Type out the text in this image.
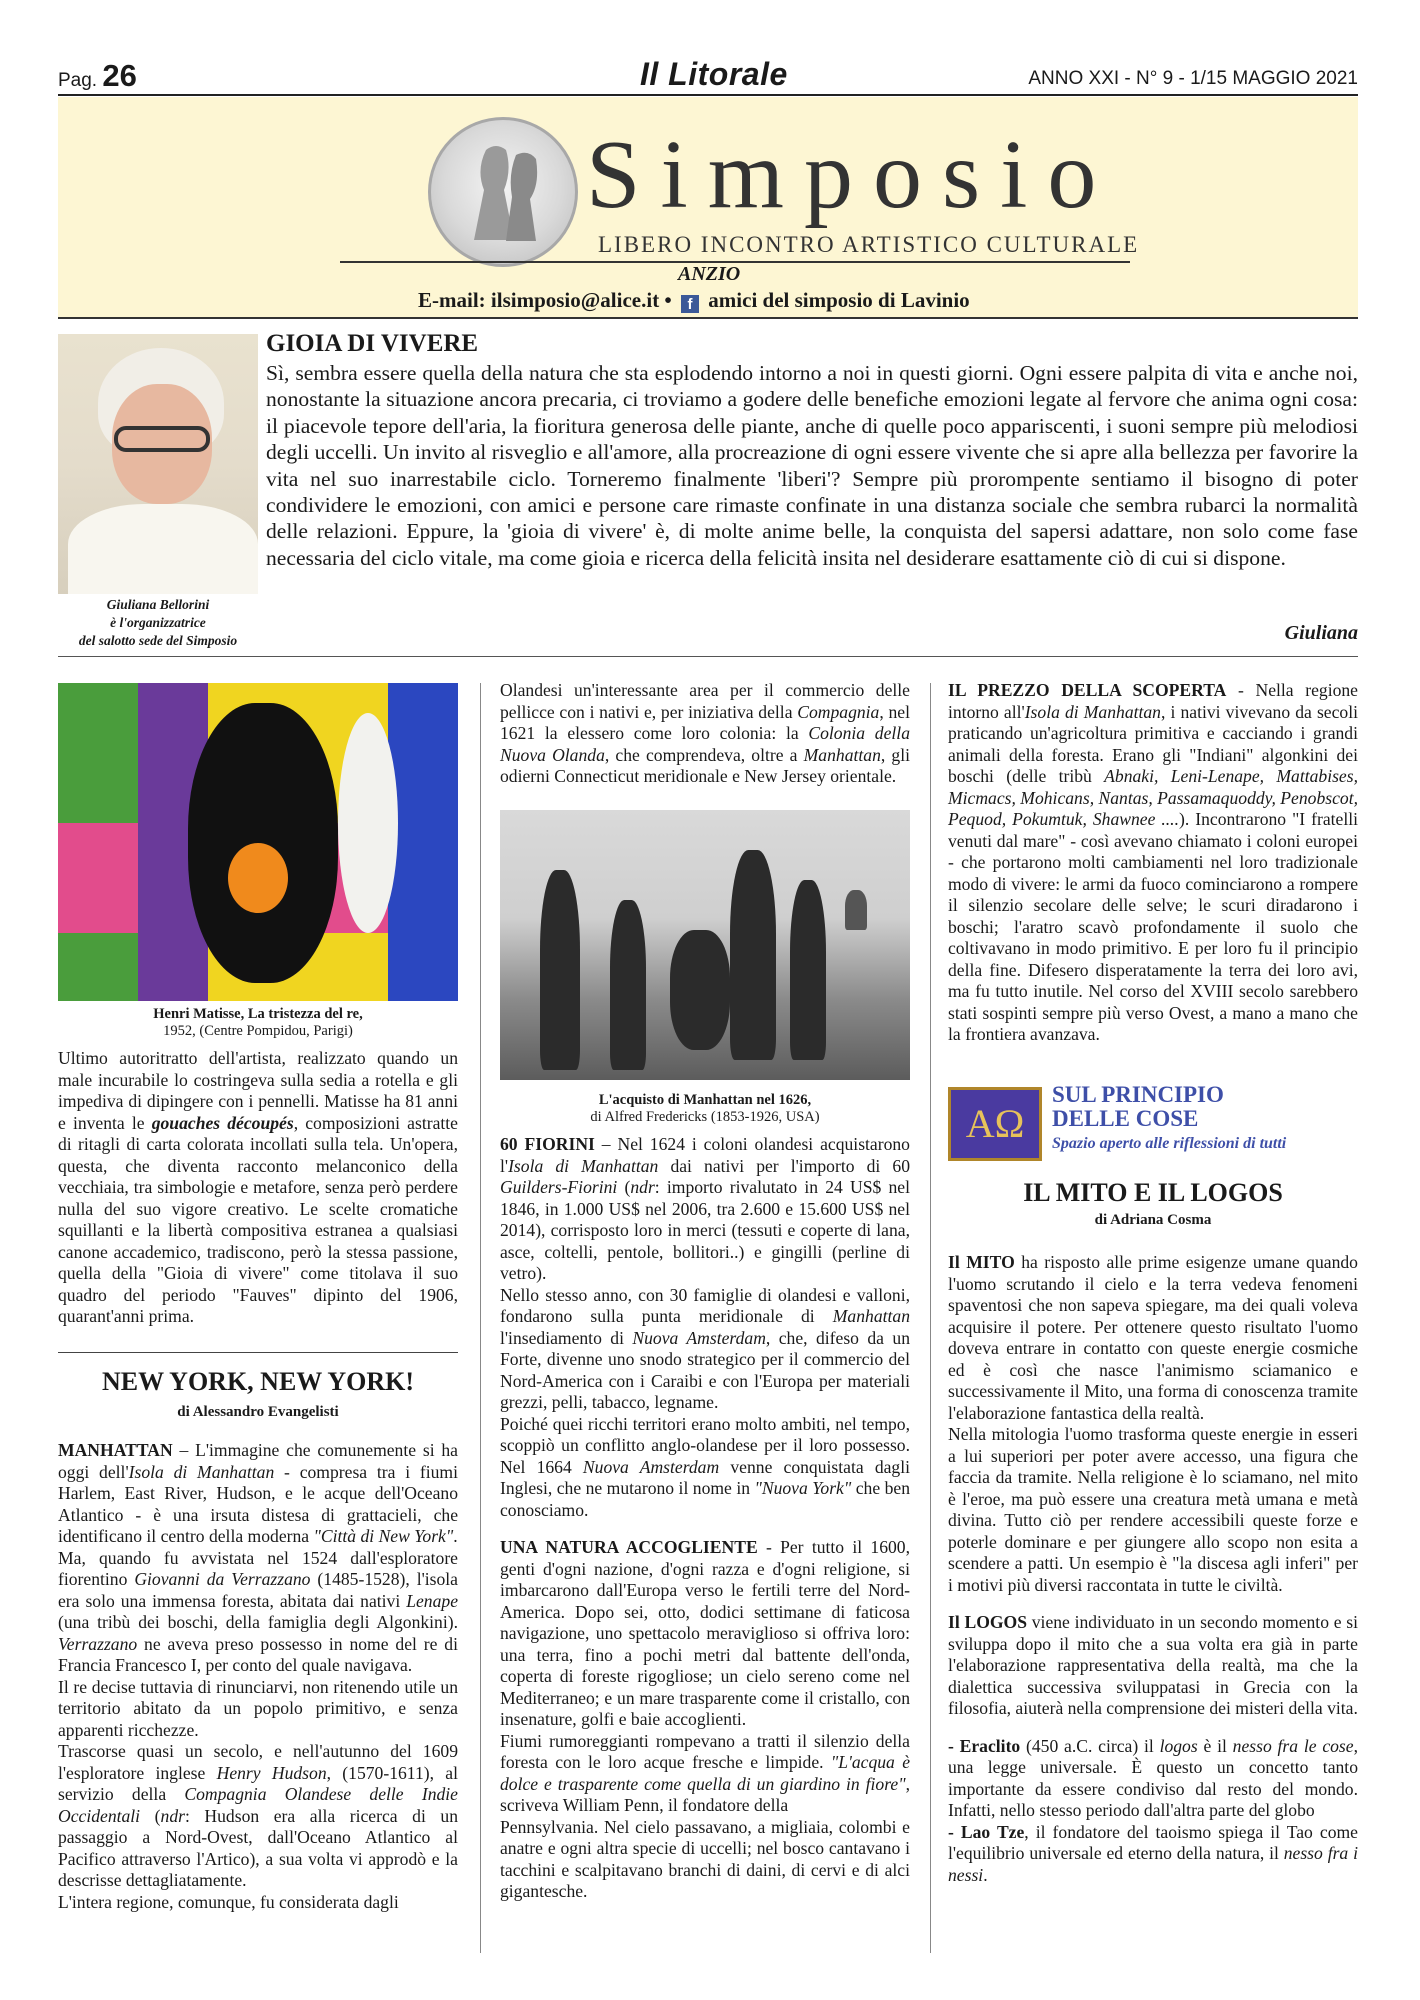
Pag. 26	Il Litorale	ANNO XXI - N° 9 - 1/15 MAGGIO 2021
Simposio
LIBERO INCONTRO ARTISTICO CULTURALE
ANZIO
E-mail: ilsimposio@alice.it • f amici del simposio di Lavinio
Giuliana Bellorini
è l'organizzatrice
del salotto sede del Simposio
GIOIA DI VIVERE
Sì, sembra essere quella della natura che sta esplodendo intorno a noi in questi giorni. Ogni essere palpita di vita e anche noi, nonostante la situazione ancora precaria, ci troviamo a godere delle benefiche emozioni legate al fervore che anima ogni cosa: il piacevole tepore dell'aria, la fioritura generosa delle piante, anche di quelle poco appariscenti, i suoni sempre più melodiosi degli uccelli. Un invito al risveglio e all'amore, alla procreazione di ogni essere vivente che si apre alla bellezza per favorire la vita nel suo inarrestabile ciclo. Torneremo finalmente 'liberi'? Sempre più prorompente sentiamo il bisogno di poter condividere le emozioni, con amici e persone care rimaste confinate in una distanza sociale che sembra rubarci la normalità delle relazioni. Eppure, la 'gioia di vivere' è, di molte anime belle, la conquista del sapersi adattare, non solo come fase necessaria del ciclo vitale, ma come gioia e ricerca della felicità insita nel desiderare esattamente ciò di cui si dispone.
Giuliana
Henri Matisse, La tristezza del re,
1952, (Centre Pompidou, Parigi)

Ultimo autoritratto dell'artista, realizzato quando un male incurabile lo costringeva sulla sedia a rotella e gli impediva di dipingere con i pennelli. Matisse ha 81 anni e inventa le gouaches découpés, composizioni astratte di ritagli di carta colorata incollati sulla tela. Un'opera, questa, che diventa racconto melanconico della vecchiaia, tra simbologie e metafore, senza però perdere nulla del suo vigore creativo. Le scelte cromatiche squillanti e la libertà compositiva estranea a qualsiasi canone accademico, tradiscono, però la stessa passione, quella della "Gioia di vivere" come titolava il suo quadro del periodo "Fauves" dipinto del 1906, quarant'anni prima.

NEW YORK, NEW YORK!
di Alessandro Evangelisti

MANHATTAN – L'immagine che comunemente si ha oggi dell'Isola di Manhattan - compresa tra i fiumi Harlem, East River, Hudson, e le acque dell'Oceano Atlantico - è una irsuta distesa di grattacieli, che identificano il centro della moderna "Città di New York".

Ma, quando fu avvistata nel 1524 dall'esploratore fiorentino Giovanni da Verrazzano (1485-1528), l'isola era solo una immensa foresta, abitata dai nativi Lenape (una tribù dei boschi, della famiglia degli Algonkini). Verrazzano ne aveva preso possesso in nome del re di Francia Francesco I, per conto del quale navigava.

Il re decise tuttavia di rinunciarvi, non ritenendo utile un territorio abitato da un popolo primitivo, e senza apparenti ricchezze.

Trascorse quasi un secolo, e nell'autunno del 1609 l'esploratore inglese Henry Hudson, (1570-1611), al servizio della Compagnia Olandese delle Indie Occidentali (ndr: Hudson era alla ricerca di un passaggio a Nord-Ovest, dall'Oceano Atlantico al Pacifico attraverso l'Artico), a sua volta vi approdò e la descrisse dettagliatamente.

L'intera regione, comunque, fu considerata dagli

Olandesi un'interessante area per il commercio delle pellicce con i nativi e, per iniziativa della Compagnia, nel 1621 la elessero come loro colonia: la Colonia della Nuova Olanda, che comprendeva, oltre a Manhattan, gli odierni Connecticut meridionale e New Jersey orientale.

L'acquisto di Manhattan nel 1626,
di Alfred Fredericks (1853-1926, USA)

60 FIORINI – Nel 1624 i coloni olandesi acquistarono l'Isola di Manhattan dai nativi per l'importo di 60 Guilders-Fiorini (ndr: importo rivalutato in 24 US$ nel 1846, in 1.000 US$ nel 2006, tra 2.600 e 15.600 US$ nel 2014), corrisposto loro in merci (tessuti e coperte di lana, asce, coltelli, pentole, bollitori..) e gingilli (perline di vetro).

Nello stesso anno, con 30 famiglie di olandesi e valloni, fondarono sulla punta meridionale di Manhattan l'insediamento di Nuova Amsterdam, che, difeso da un Forte, divenne uno snodo strategico per il commercio del Nord-America con i Caraibi e con l'Europa per materiali grezzi, pelli, tabacco, legname.

Poiché quei ricchi territori erano molto ambiti, nel tempo, scoppiò un conflitto anglo-olandese per il loro possesso. Nel 1664 Nuova Amsterdam venne conquistata dagli Inglesi, che ne mutarono il nome in "Nuova York" che ben conosciamo.

UNA NATURA ACCOGLIENTE - Per tutto il 1600, genti d'ogni nazione, d'ogni razza e d'ogni religione, si imbarcarono dall'Europa verso le fertili terre del Nord-America. Dopo sei, otto, dodici settimane di faticosa navigazione, uno spettacolo meraviglioso si offriva loro: una terra, fino a pochi metri dal battente dell'onda, coperta di foreste rigogliose; un cielo sereno come nel Mediterraneo; e un mare trasparente come il cristallo, con insenature, golfi e baie accoglienti.

Fiumi rumoreggianti rompevano a tratti il silenzio della foresta con le loro acque fresche e limpide. "L'acqua è dolce e trasparente come quella di un giardino in fiore", scriveva William Penn, il fondatore della

Pennsylvania. Nel cielo passavano, a migliaia, colombi e anatre e ogni altra specie di uccelli; nel bosco cantavano i tacchini e scalpitavano branchi di daini, di cervi e di alci gigantesche.

IL PREZZO DELLA SCOPERTA - Nella regione intorno all'Isola di Manhattan, i nativi vivevano da secoli praticando un'agricoltura primitiva e cacciando i grandi animali della foresta. Erano gli "Indiani" algonkini dei boschi (delle tribù Abnaki, Leni-Lenape, Mattabises, Micmacs, Mohicans, Nantas, Passamaquoddy, Penobscot, Pequod, Pokumtuk, Shawnee ....). Incontrarono "I fratelli venuti dal mare" - così avevano chiamato i coloni europei - che portarono molti cambiamenti nel loro tradizionale modo di vivere: le armi da fuoco cominciarono a rompere il silenzio secolare delle selve; le scuri diradarono i boschi; l'aratro scavò profondamente il suolo che coltivavano in modo primitivo. E per loro fu il principio della fine. Difesero disperatamente la terra dei loro avi, ma fu tutto inutile. Nel corso del XVIII secolo sarebbero stati sospinti sempre più verso Ovest, a mano a mano che la frontiera avanzava.

ΑΩ
SUL PRINCIPIO
DELLE COSE
Spazio aperto alle riflessioni di tutti
IL MITO E IL LOGOS
di Adriana Cosma

Il MITO ha risposto alle prime esigenze umane quando l'uomo scrutando il cielo e la terra vedeva fenomeni spaventosi che non sapeva spiegare, ma dei quali voleva acquisire il potere. Per ottenere questo risultato l'uomo doveva entrare in contatto con queste energie cosmiche ed è così che nasce l'animismo sciamanico e successivamente il Mito, una forma di conoscenza tramite l'elaborazione fantastica della realtà.

Nella mitologia l'uomo trasforma queste energie in esseri a lui superiori per poter avere accesso, una figura che faccia da tramite. Nella religione è lo sciamano, nel mito è l'eroe, ma può essere una creatura metà umana e metà divina. Tutto ciò per rendere accessibili queste forze e poterle dominare e per giungere allo scopo non esita a scendere a patti. Un esempio è "la discesa agli inferi" per i motivi più diversi raccontata in tutte le civiltà.

Il LOGOS viene individuato in un secondo momento e si sviluppa dopo il mito che a sua volta era già in parte l'elaborazione rappresentativa della realtà, ma che la dialettica successiva sviluppatasi in Grecia con la filosofia, aiuterà nella comprensione dei misteri della vita.

- Eraclito (450 a.C. circa) il logos è il nesso fra le cose, una legge universale. È questo un concetto tanto importante da essere condiviso dal resto del mondo. Infatti, nello stesso periodo dall'altra parte del globo

- Lao Tze, il fondatore del taoismo spiega il Tao come l'equilibrio universale ed eterno della natura, il nesso fra i nessi.
